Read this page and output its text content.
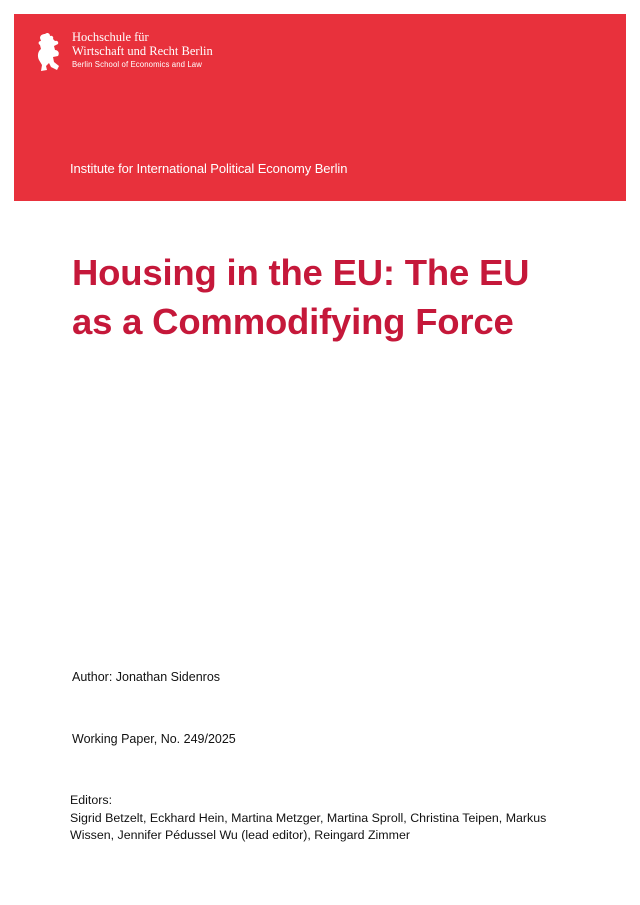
Hochschule für
Wirtschaft und Recht Berlin
Berlin School of Economics and Law
Institute for International Political Economy Berlin
Housing in the EU: The EU
as a Commodifying Force
Author: Jonathan Sidenros
Working Paper, No. 249/2025
Editors:
Sigrid Betzelt, Eckhard Hein, Martina Metzger, Martina Sproll, Christina Teipen, Markus Wissen, Jennifer Pédussel Wu (lead editor), Reingard Zimmer
